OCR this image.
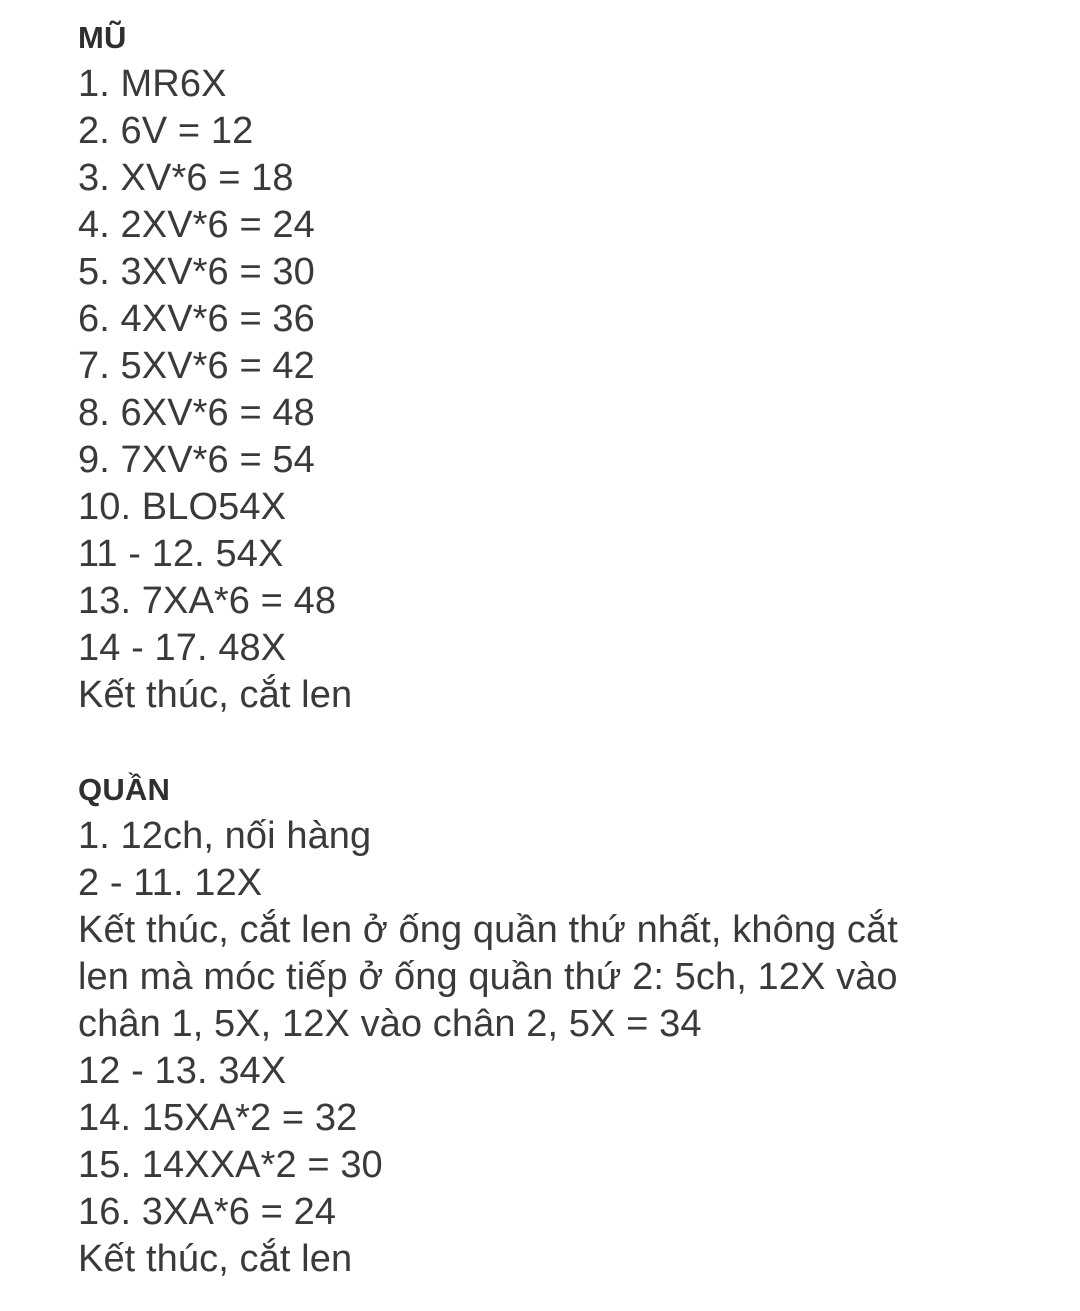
MŨ

1. MR6X

2. 6V = 12

3. XV*6 = 18

4. 2XV*6 = 24

5. 3XV*6 = 30

6. 4XV*6 = 36

7. 5XV*6 = 42

8. 6XV*6 = 48

9. 7XV*6 = 54

10. BLO54X

11 - 12. 54X

13. 7XA*6 = 48

14 - 17. 48X

Kết thúc, cắt len

QUẦN

1. 12ch, nối hàng

2 - 11. 12X

Kết thúc, cắt len ở ống quần thứ nhất, không cắt len mà móc tiếp ở ống quần thứ 2: 5ch, 12X vào chân 1, 5X, 12X vào chân 2, 5X = 34

12 - 13. 34X

14. 15XA*2 = 32

15. 14XXA*2 = 30

16. 3XA*6 = 24

Kết thúc, cắt len
